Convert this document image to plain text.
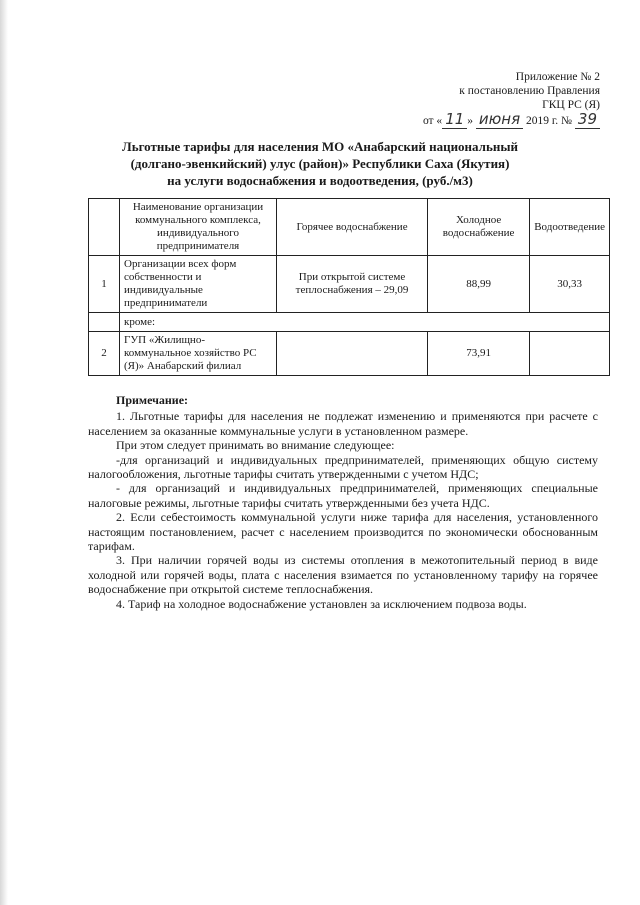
Приложение № 2
к постановлению Правления
ГКЦ РС (Я)
от « 11 » июня 2019 г. № 39
Льготные тарифы для населения МО «Анабарский национальный
(долгано-эвенкийский) улус (район)» Республики Саха (Якутия)
на услуги водоснабжения и водоотведения, (руб./м3)
	Наименование организации коммунального комплекса, индивидуального предпринимателя	Горячее водоснабжение	Холодное водоснабжение	Водоотведение
1	Организации всех форм собственности и индивидуальные предприниматели	При открытой системе теплоснабжения – 29,09	88,99	30,33
	кроме:			
2	ГУП «Жилищно-коммунальное хозяйство РС (Я)» Анабарский филиал		73,91	

Примечание:

1. Льготные тарифы для населения не подлежат изменению и применяются при расчете с населением за оказанные коммунальные услуги в установленном размере.

При этом следует принимать во внимание следующее:

-для организаций и индивидуальных предпринимателей, применяющих общую систему налогообложения, льготные тарифы считать утвержденными с учетом НДС;

- для организаций и индивидуальных предпринимателей, применяющих специальные налоговые режимы, льготные тарифы считать утвержденными без учета НДС.

2. Если себестоимость коммунальной услуги ниже тарифа для населения, установленного настоящим постановлением, расчет с населением производится по экономически обоснованным тарифам.

3. При наличии горячей воды из системы отопления в межотопительный период в виде холодной или горячей воды, плата с населения взимается по установленному тарифу на горячее водоснабжение при открытой системе теплоснабжения.

4. Тариф на холодное водоснабжение установлен за исключением подвоза воды.
